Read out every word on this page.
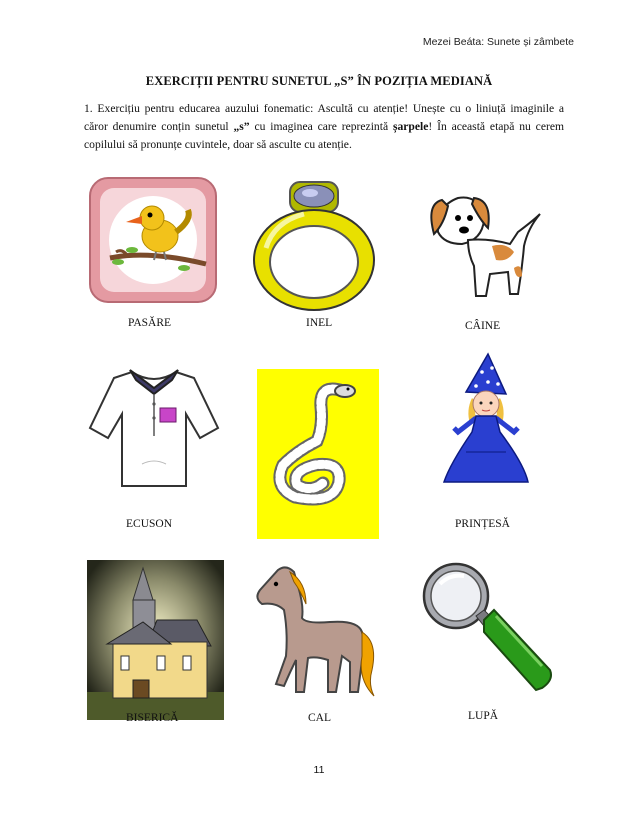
Mezei Beáta: Sunete și zâmbete
EXERCIȚII PENTRU SUNETUL „S” ÎN POZIȚIA MEDIANĂ
1. Exercițiu pentru educarea auzului fonematic: Ascultă cu atenție! Unește cu o liniuță imaginile a căror denumire conțin sunetul „s” cu imaginea care reprezintă șarpele! În această etapă nu cerem copilului să pronunțe cuvintele, doar să asculte cu atenție.
PASĂRE	INEL	CÂINE
ECUSON	PRINȚESĂ
BISERICĂ	CAL	LUPĂ
11
